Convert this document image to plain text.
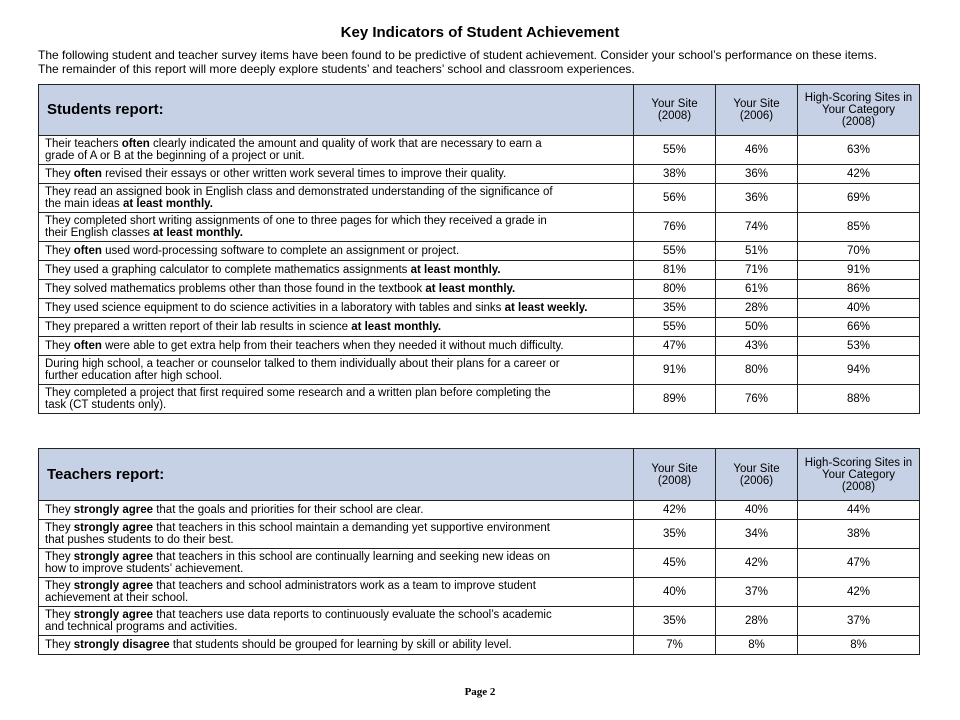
Key Indicators of Student Achievement
The following student and teacher survey items have been found to be predictive of student achievement. Consider your school’s performance on these items.
The remainder of this report will more deeply explore students’ and teachers’ school and classroom experiences.
Students report:	Your Site (2008)	Your Site (2006)	High-Scoring Sites in Your Category (2008)
Their teachers often clearly indicated the amount and quality of work that are necessary to earn a
grade of A or B at the beginning of a project or unit.	55%	46%	63%
They often revised their essays or other written work several times to improve their quality.	38%	36%	42%
They read an assigned book in English class and demonstrated understanding of the significance of
the main ideas at least monthly.	56%	36%	69%
They completed short writing assignments of one to three pages for which they received a grade in
their English classes at least monthly.	76%	74%	85%
They often used word-processing software to complete an assignment or project.	55%	51%	70%
They used a graphing calculator to complete mathematics assignments at least monthly.	81%	71%	91%
They solved mathematics problems other than those found in the textbook at least monthly.	80%	61%	86%
They used science equipment to do science activities in a laboratory with tables and sinks at least weekly.	35%	28%	40%
They prepared a written report of their lab results in science at least monthly.	55%	50%	66%
They often were able to get extra help from their teachers when they needed it without much difficulty.	47%	43%	53%
During high school, a teacher or counselor talked to them individually about their plans for a career or
further education after high school.	91%	80%	94%
They completed a project that first required some research and a written plan before completing the
task (CT students only).	89%	76%	88%
Teachers report:	Your Site (2008)	Your Site (2006)	High-Scoring Sites in Your Category (2008)
They strongly agree that the goals and priorities for their school are clear.	42%	40%	44%
They strongly agree that teachers in this school maintain a demanding yet supportive environment
that pushes students to do their best.	35%	34%	38%
They strongly agree that teachers in this school are continually learning and seeking new ideas on
how to improve students’ achievement.	45%	42%	47%
They strongly agree that teachers and school administrators work as a team to improve student
achievement at their school.	40%	37%	42%
They strongly agree that teachers use data reports to continuously evaluate the school’s academic
and technical programs and activities.	35%	28%	37%
They strongly disagree that students should be grouped for learning by skill or ability level.	7%	8%	8%
Page 2
